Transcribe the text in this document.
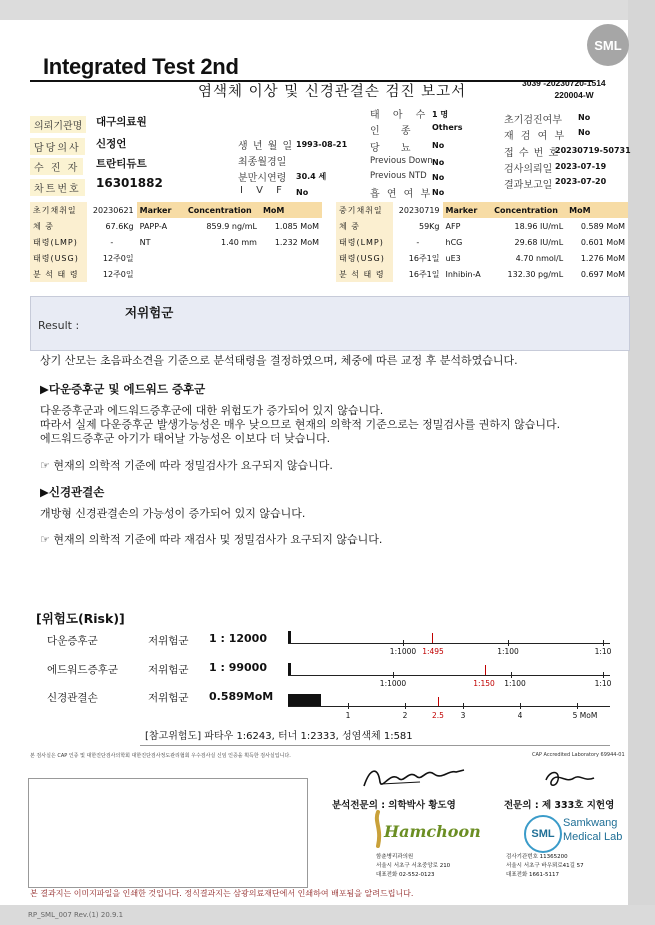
SML
Integrated Test 2nd
염색체 이상 및 신경관결손 검진 보고서
3039 -20230720-1514
220004-W
의뢰기관명	대구의료원
담당의사	신정언
수 진 자	트란티듀트
차트번호	16301882
생 년 월 일 1993-08-21
최종월경일
분만시연령 30.4 세
I V F No
태 아 수 1 명
인 종 Others
당 뇨 No
Previous Down No
Previous NTD No
흡 연 여 부 No
초기검진여부 No
재 검 여 부 No
접 수 번 호
20230719-50731
검사의뢰일 2023-07-19
결과보고일 2023-07-20
초기채취일	20230621	Marker	Concentration	MoM
체 중	67.6Kg	PAPP-A	859.9 ng/mL	1.085 MoM
태령(LMP)	-	NT	1.40 mm	1.232 MoM
태령(USG)	12주0일			
분 석 태 령	12주0일			
중기채취일	20230719	Marker	Concentration	MoM
체 중	59Kg	AFP	18.96 IU/mL	0.589 MoM
태령(LMP)	-	hCG	29.68 IU/mL	0.601 MoM
태령(USG)	16주1일	uE3	4.70 nmol/L	1.276 MoM
분 석 태 령	16주1일	Inhibin-A	132.30 pg/mL	0.697 MoM
Result :
저위험군
상기 산모는 초음파소견을 기준으로 분석태령을 결정하였으며, 체중에 따른 교정 후 분석하였습니다.
▶다운증후군 및 에드워드 증후군
다운증후군과 에드워드증후군에 대한 위험도가 증가되어 있지 않습니다.
따라서 실제 다운증후군 발생가능성은 매우 낮으므로 현재의 의학적 기준으로는 정밀검사를 권하지 않습니다.
에드워드증후군 아기가 태어날 가능성은 이보다 더 낮습니다.
☞ 현재의 의학적 기준에 따라 정밀검사가 요구되지 않습니다.
▶신경관결손
개방형 신경관결손의 가능성이 증가되어 있지 않습니다.
☞ 현재의 의학적 기준에 따라 재검사 및 정밀검사가 요구되지 않습니다.
[위험도(Risk)]
다운증후군	저위험군 1 : 12000
에드워드증후군	저위험군 1 : 99000
신경관결손	저위험군 0.589MoM
1:1000 1:495	1:100	1:10
1:1000	1:150 1:100	1:10
1	2	2.5 3	4	5 MoM
[참고위험도] 파타우 1:6243, 터너 1:2333, 성염색체 1:581
본 검사실은 CAP 인증 및 대한진단검사의학회 대한진단검사정도관리협회 우수검사실 신임 인증을 획득한 검사실입니다.	CAP Accredited Laboratory 69944-01
분석전문의 : 의학박사 황도영	전문의 : 제 333호 지헌영
Hamchoon
함춘병리과의원
서울시 서초구 서초중앙로 210
대표전화 02-552-0123
SML
Samkwang
Medical Lab
검사기관번호 11365200
서울시 서초구 바우뫼로41길 57
대표전화 1661-5117
본 결과지는 이미지파일을 인쇄한 것입니다. 정식결과지는 삼광의료재단에서 인쇄하여 배포됨을 알려드립니다.
RP_SML_007 Rev.(1) 20.9.1
